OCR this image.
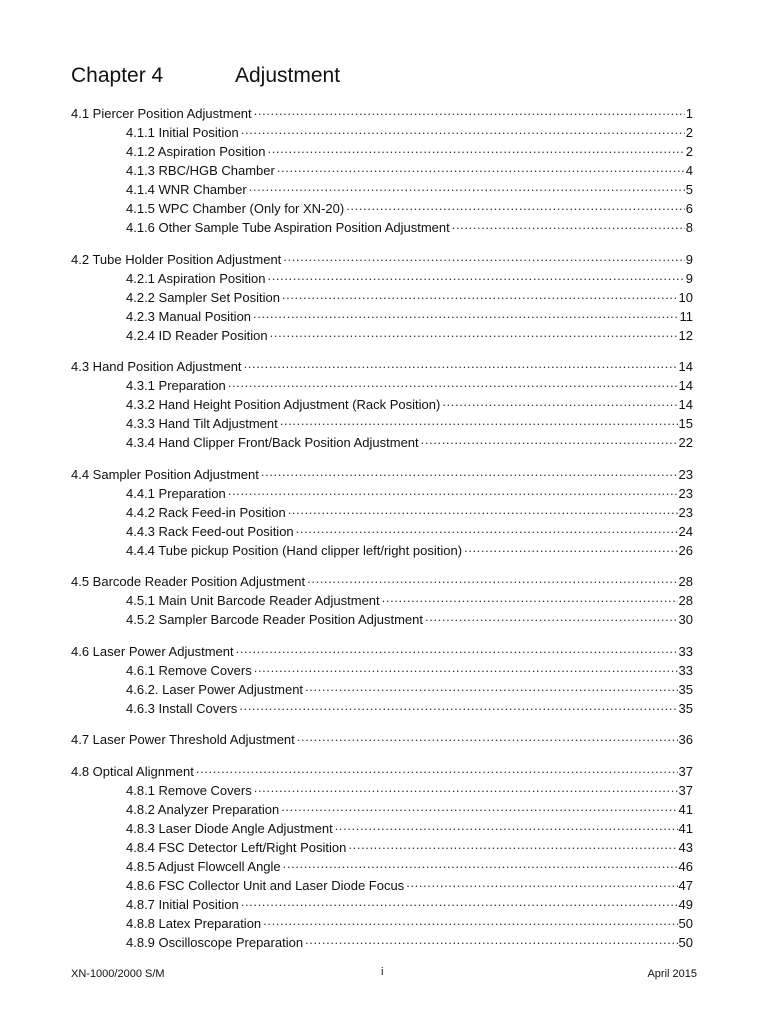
Chapter 4	Adjustment
4.1 Piercer Position Adjustment .....	1
4.1.1 Initial Position .....	2
4.1.2 Aspiration Position .....	2
4.1.3 RBC/HGB Chamber .....	4
4.1.4 WNR Chamber .....	5
4.1.5 WPC Chamber (Only for XN-20) .....	6
4.1.6 Other Sample Tube Aspiration Position Adjustment .....	8
4.2 Tube Holder Position Adjustment .....	9
4.2.1 Aspiration Position .....	9
4.2.2 Sampler Set Position .....	10
4.2.3 Manual Position .....	11
4.2.4 ID Reader Position .....	12
4.3 Hand Position Adjustment .....	14
4.3.1 Preparation .....	14
4.3.2 Hand Height Position Adjustment (Rack Position) .....	14
4.3.3 Hand Tilt Adjustment .....	15
4.3.4 Hand Clipper Front/Back Position Adjustment .....	22
4.4 Sampler Position Adjustment .....	23
4.4.1 Preparation .....	23
4.4.2 Rack Feed-in Position .....	23
4.4.3 Rack Feed-out Position .....	24
4.4.4 Tube pickup Position (Hand clipper left/right position) .....	26
4.5 Barcode Reader Position Adjustment .....	28
4.5.1 Main Unit Barcode Reader Adjustment .....	28
4.5.2 Sampler Barcode Reader Position Adjustment .....	30
4.6 Laser Power Adjustment .....	33
4.6.1 Remove Covers .....	33
4.6.2. Laser Power Adjustment .....	35
4.6.3 Install Covers .....	35
4.7 Laser Power Threshold Adjustment .....	36
4.8 Optical Alignment .....	37
4.8.1 Remove Covers .....	37
4.8.2 Analyzer Preparation .....	41
4.8.3 Laser Diode Angle Adjustment .....	41
4.8.4 FSC Detector Left/Right Position .....	43
4.8.5 Adjust Flowcell Angle .....	46
4.8.6 FSC Collector Unit and Laser Diode Focus .....	47
4.8.7 Initial Position .....	49
4.8.8 Latex Preparation .....	50
4.8.9 Oscilloscope Preparation .....	50
XN-1000/2000 S/M	i	April 2015
